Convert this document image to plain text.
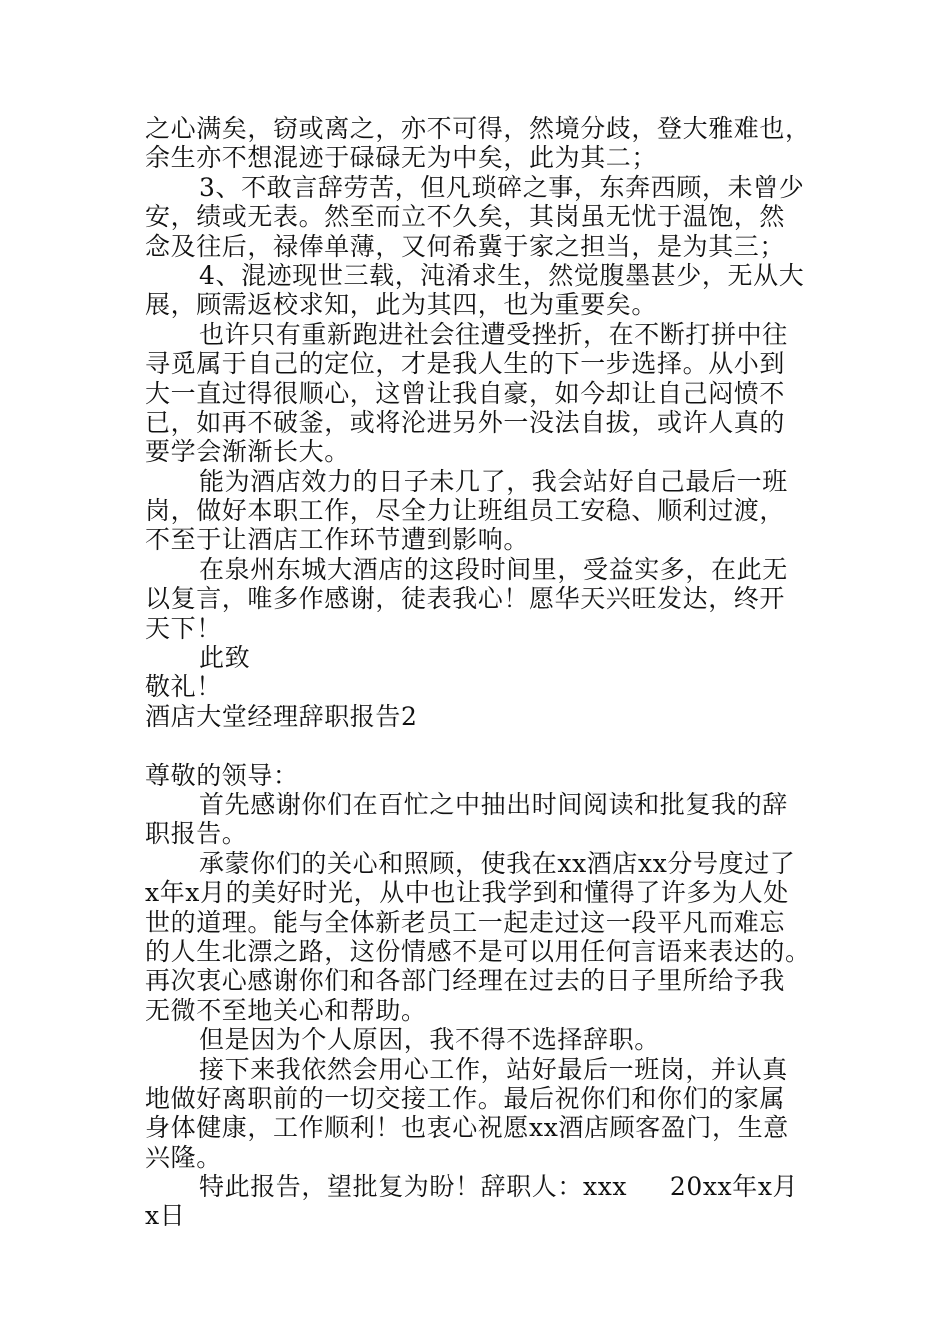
之心满矣，窃或离之，亦不可得，然境分歧，登大雅难也，
余生亦不想混迹于碌碌无为中矣，此为其二；
3、不敢言辞劳苦，但凡琐碎之事，东奔西顾，未曾少
安，绩或无表。然至而立不久矣，其岗虽无忧于温饱，然
念及往后，禄俸单薄，又何希冀于家之担当，是为其三；
4、混迹现世三载，沌淆求生，然觉腹墨甚少，无从大
展，顾需返校求知，此为其四，也为重要矣。
也许只有重新跑进社会往遭受挫折，在不断打拼中往
寻觅属于自己的定位，才是我人生的下一步选择。从小到
大一直过得很顺心，这曾让我自豪，如今却让自己闷愤不
已，如再不破釜，或将沦进另外一没法自拔，或许人真的
要学会渐渐长大。
能为酒店效力的日子未几了，我会站好自己最后一班
岗，做好本职工作，尽全力让班组员工安稳、顺利过渡，
不至于让酒店工作环节遭到影响。
在泉州东城大酒店的这段时间里，受益实多，在此无
以复言，唯多作感谢，徒表我心！愿华天兴旺发达，终开
天下！
此致
敬礼！
酒店大堂经理辞职报告2
尊敬的领导：
首先感谢你们在百忙之中抽出时间阅读和批复我的辞
职报告。
承蒙你们的关心和照顾，使我在xx酒店xx分号度过了
x年x月的美好时光，从中也让我学到和懂得了许多为人处
世的道理。能与全体新老员工一起走过这一段平凡而难忘
的人生北漂之路，这份情感不是可以用任何言语来表达的。
再次衷心感谢你们和各部门经理在过去的日子里所给予我
无微不至地关心和帮助。
但是因为个人原因，我不得不选择辞职。
接下来我依然会用心工作，站好最后一班岗，并认真
地做好离职前的一切交接工作。最后祝你们和你们的家属
身体健康，工作顺利！也衷心祝愿xx酒店顾客盈门，生意
兴隆。
特此报告，望批复为盼！辞职人：xxx     20xx年x月
x日
